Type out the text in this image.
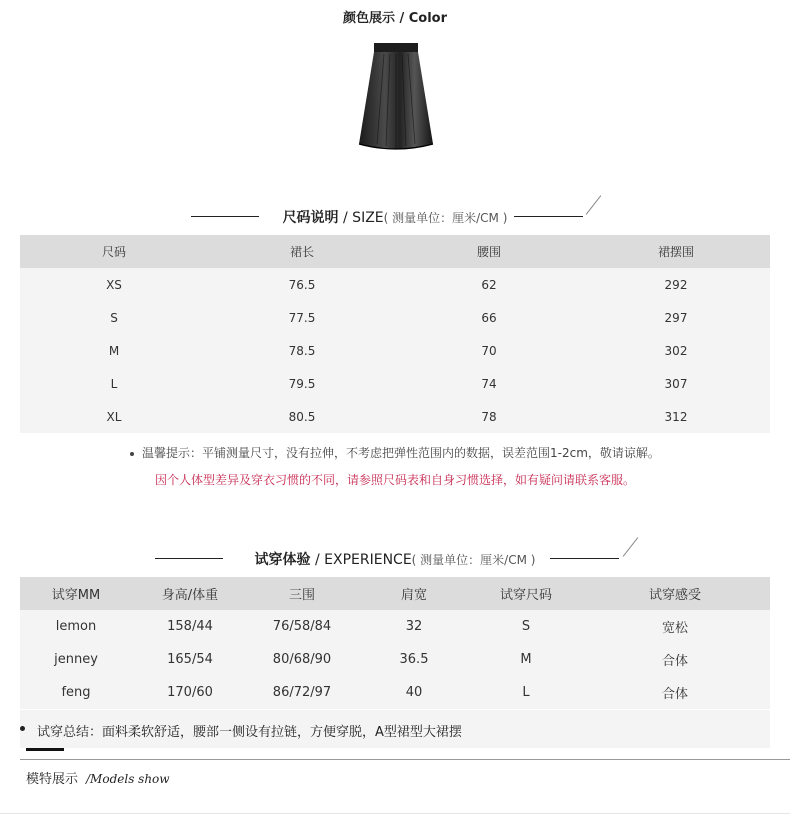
颜色展示 / Color
尺码说明 / SIZE( 测量单位：厘米/CM )
尺码	裙长	腰围	裙摆围
XS	76.5	62	292
S	77.5	66	297
M	78.5	70	302
L	79.5	74	307
XL	80.5	78	312
温馨提示：平铺测量尺寸，没有拉伸，不考虑把弹性范围内的数据，误差范围1-2cm，敬请谅解。
因个人体型差异及穿衣习惯的不同，请参照尺码表和自身习惯选择，如有疑问请联系客服。
试穿体验 / EXPERIENCE( 测量单位：厘米/CM )
试穿MM	身高/体重	三围	肩宽	试穿尺码	试穿感受
lemon	158/44	76/58/84	32	S	宽松
jenney	165/54	80/68/90	36.5	M	合体
feng	170/60	86/72/97	40	L	合体
试穿总结：面料柔软舒适，腰部一侧设有拉链，方便穿脱，A型裙型大裙摆
模特展示 /Models show
